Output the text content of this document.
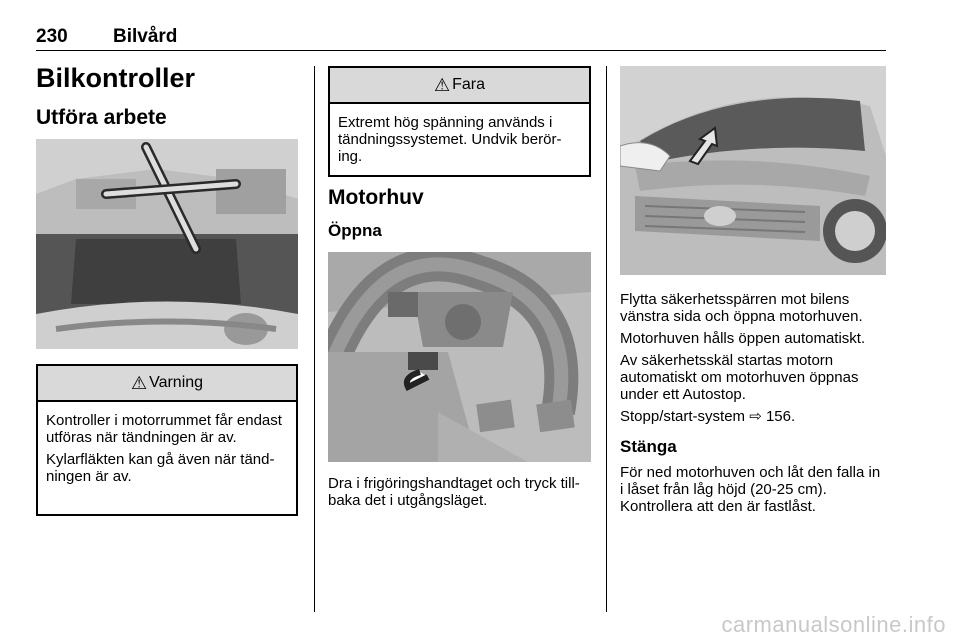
230 Bilvård
Bilkontroller
Utföra arbete
⚠ Varning
Kontroller i motorrummet får endast utföras när tändningen är av.
Kylarfläkten kan gå även när tänd-ningen är av.
⚠ Fara
Extremt hög spänning används i tändningssystemet. Undvik berör-ing.
Motorhuv
Öppna
Dra i frigöringshandtaget och tryck till-baka det i utgångsläget.
Flytta säkerhetsspärren mot bilens vänstra sida och öppna motorhuven.
Motorhuven hålls öppen automatiskt.
Av säkerhetsskäl startas motorn automatiskt om motorhuven öppnas under ett Autostop.
Stopp/start-system ⇨ 156.
Stänga
För ned motorhuven och låt den falla in i låset från låg höjd (20-25 cm). Kontrollera att den är fastlåst.
carmanualsonline.info
